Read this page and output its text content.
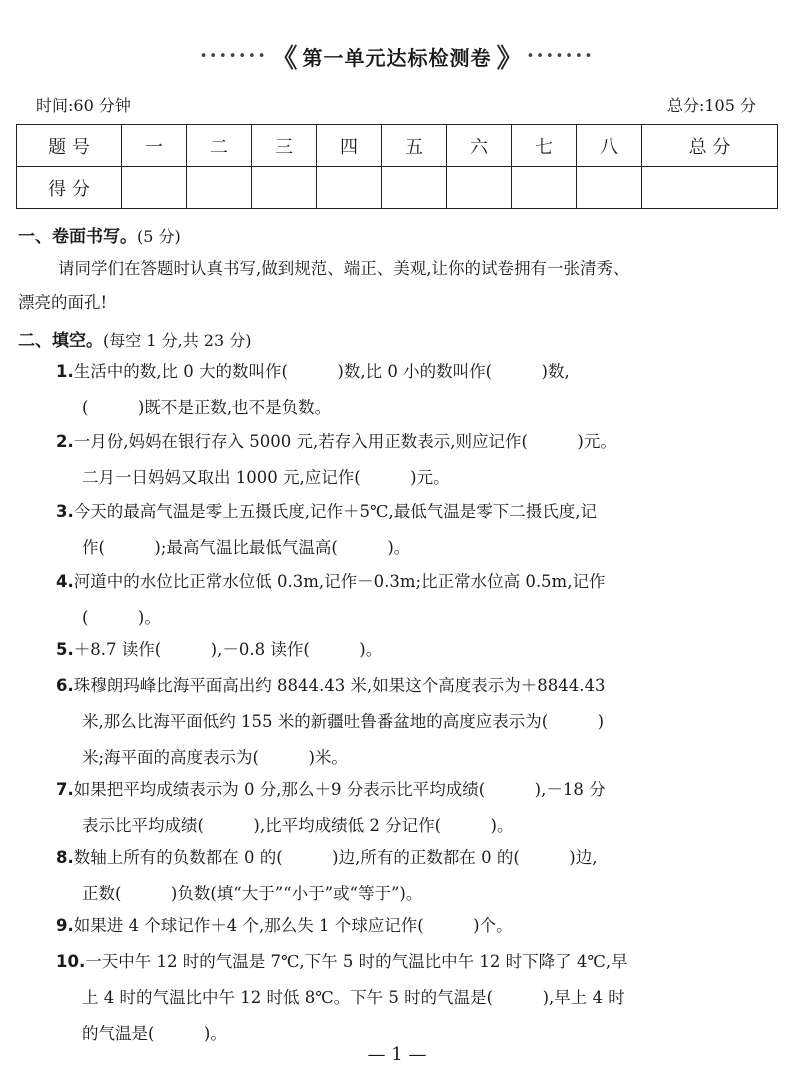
••••••• 《 第一单元达标检测卷 》 •••••••
时间:60 分钟	总分:105 分
题 号	一	二	三	四	五	六	七	八	总 分
得 分									
一、卷面书写。(5 分)
请同学们在答题时认真书写,做到规范、端正、美观,让你的试卷拥有一张清秀、
漂亮的面孔!
二、填空。(每空 1 分,共 23 分)
1.生活中的数,比 0 大的数叫作(　　　)数,比 0 小的数叫作(　　　)数,
(　　　)既不是正数,也不是负数。
2.一月份,妈妈在银行存入 5000 元,若存入用正数表示,则应记作(　　　)元。
二月一日妈妈又取出 1000 元,应记作(　　　)元。
3.今天的最高气温是零上五摄氏度,记作＋5℃,最低气温是零下二摄氏度,记
作(　　　);最高气温比最低气温高(　　　)。
4.河道中的水位比正常水位低 0.3m,记作－0.3m;比正常水位高 0.5m,记作
(　　　)。
5.＋8.7 读作(　　　),－0.8 读作(　　　)。
6.珠穆朗玛峰比海平面高出约 8844.43 米,如果这个高度表示为＋8844.43
米,那么比海平面低约 155 米的新疆吐鲁番盆地的高度应表示为(　　　)
米;海平面的高度表示为(　　　)米。
7.如果把平均成绩表示为 0 分,那么＋9 分表示比平均成绩(　　　),－18 分
表示比平均成绩(　　　),比平均成绩低 2 分记作(　　　)。
8.数轴上所有的负数都在 0 的(　　　)边,所有的正数都在 0 的(　　　)边,
正数(　　　)负数(填“大于”“小于”或“等于”)。
9.如果进 4 个球记作＋4 个,那么失 1 个球应记作(　　　)个。
10.一天中午 12 时的气温是 7℃,下午 5 时的气温比中午 12 时下降了 4℃,早
上 4 时的气温比中午 12 时低 8℃。下午 5 时的气温是(　　　),早上 4 时
的气温是(　　　)。
— 1 —
